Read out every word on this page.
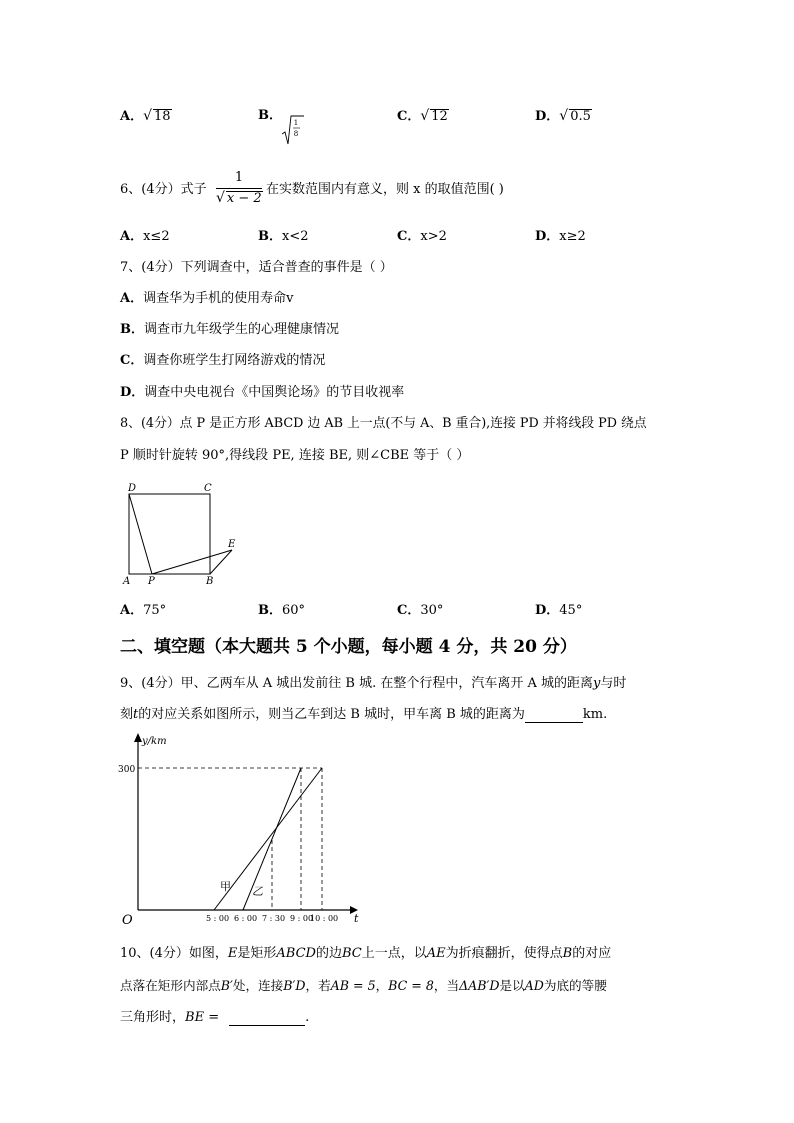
A．√ 18	B． 1
8
C．√ 12	D．√ 0.5
6、(4分）式子
1
√ x − 2
在实数范围内有意义，则 x 的取值范围( )
A．x≤2	B．x<2	C．x>2	D．x≥2
7、(4分）下列调查中，适合普查的事件是（ ）
A．调查华为手机的使用寿命v
B．调查市九年级学生的心理健康情况
C．调查你班学生打网络游戏的情况
D．调查中央电视台《中国舆论场》的节目收视率
8、(4分）点 P 是正方形 ABCD 边 AB 上一点(不与 A、B 重合),连接 PD 并将线段 PD 绕点
P 顺时针旋转 90°,得线段 PE, 连接 BE, 则∠CBE 等于（ ）
D	C
E
A P	B
A．75°	B．60°	C．30°	D．45°
二、填空题（本大题共 5 个小题，每小题 4 分，共 20 分）
9、(4分）甲、乙两车从 A 城出发前往 B 城. 在整个行程中，汽车离开 A 城的距离y与时
刻t的对应关系如图所示，则当乙车到达 B 城时，甲车离 B 城的距离为	km.
y/km
t
O
300
甲 乙
5 : 00 6 : 00 7 : 30 9 : 00
10 : 00
10、(4分）如图，E是矩形ABCD的边BC上一点，以AE为折痕翻折，使得点B的对应
点落在矩形内部点B′处，连接B′D，若AB = 5，BC = 8，当ΔAB′D是以AD为底的等腰
三角形时，BE =	.
